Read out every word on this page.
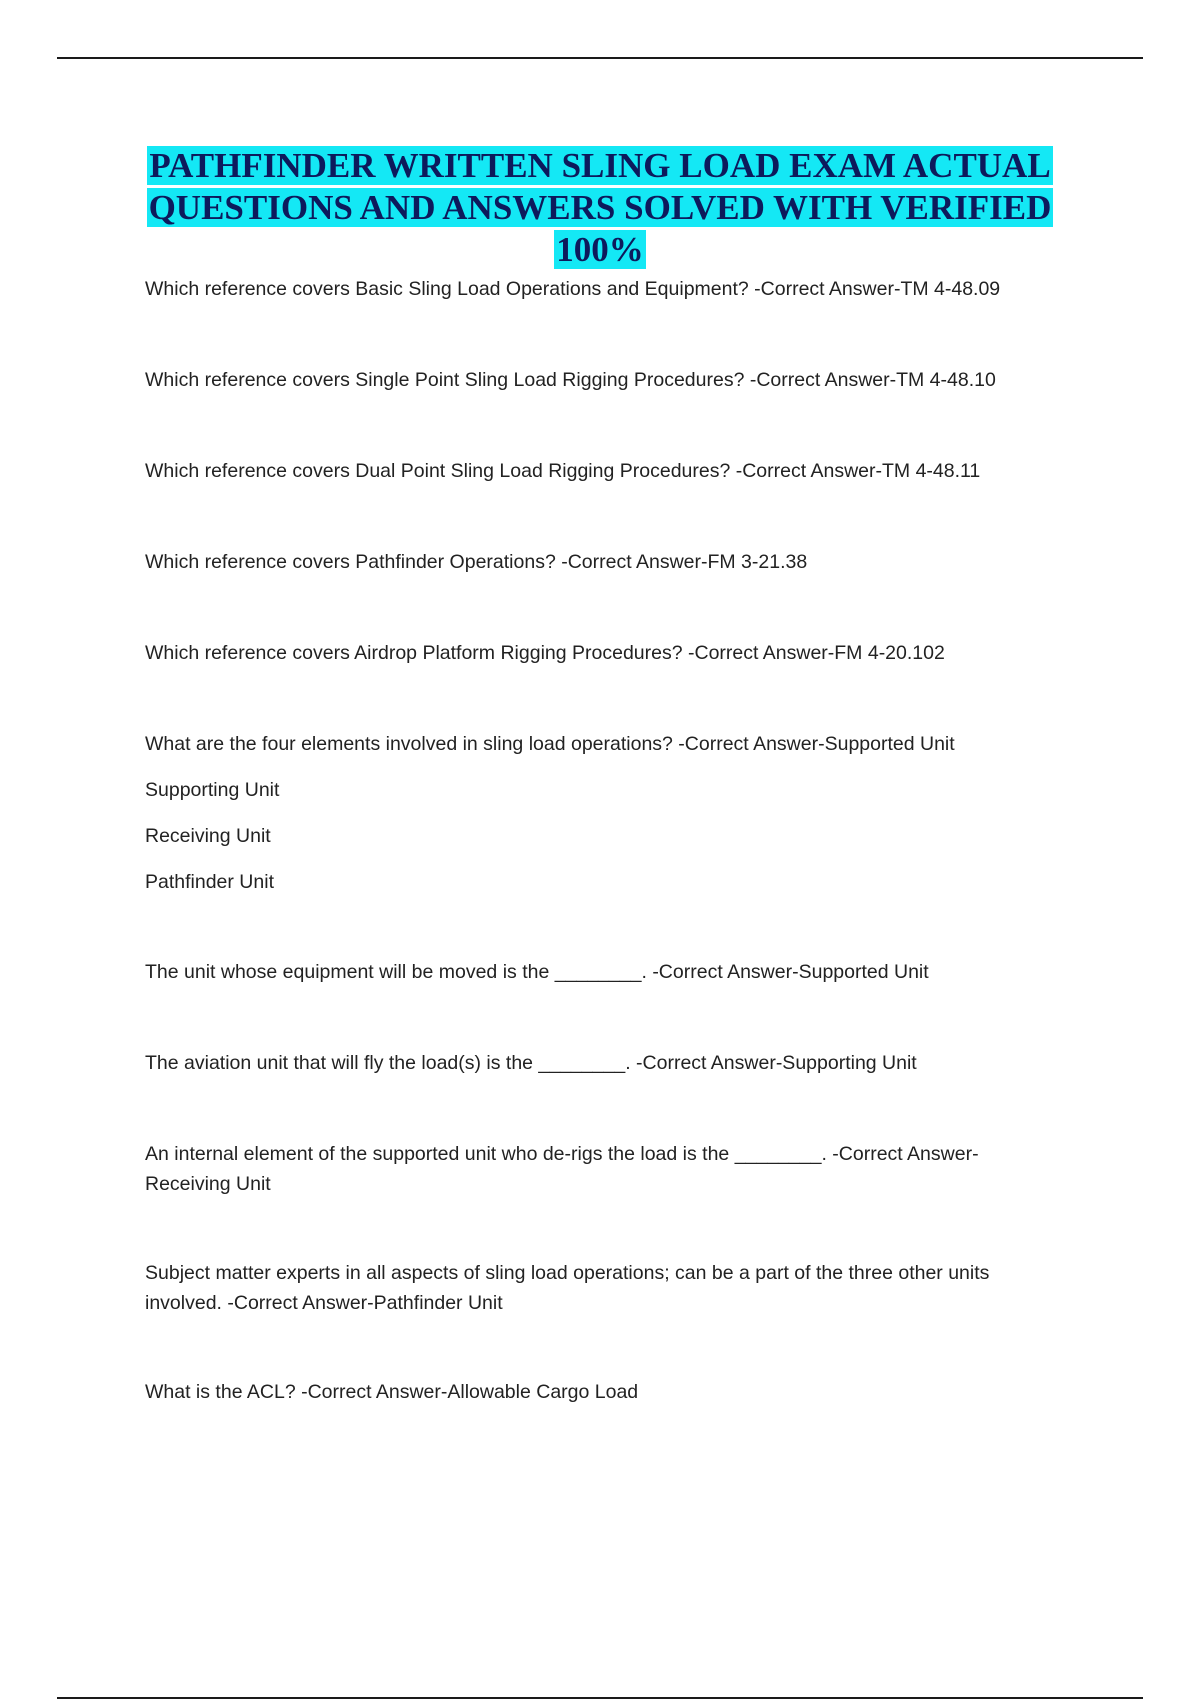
PATHFINDER WRITTEN SLING LOAD EXAM ACTUAL QUESTIONS AND ANSWERS SOLVED WITH VERIFIED 100%
Which reference covers Basic Sling Load Operations and Equipment? -Correct Answer-TM 4-48.09
Which reference covers Single Point Sling Load Rigging Procedures? -Correct Answer-TM 4-48.10
Which reference covers Dual Point Sling Load Rigging Procedures? -Correct Answer-TM 4-48.11
Which reference covers Pathfinder Operations? -Correct Answer-FM 3-21.38
Which reference covers Airdrop Platform Rigging Procedures? -Correct Answer-FM 4-20.102
What are the four elements involved in sling load operations? -Correct Answer-Supported Unit
Supporting Unit
Receiving Unit
Pathfinder Unit
The unit whose equipment will be moved is the ________. -Correct Answer-Supported Unit
The aviation unit that will fly the load(s) is the ________. -Correct Answer-Supporting Unit
An internal element of the supported unit who de-rigs the load is the ________. -Correct Answer-Receiving Unit
Subject matter experts in all aspects of sling load operations; can be a part of the three other units involved. -Correct Answer-Pathfinder Unit
What is the ACL? -Correct Answer-Allowable Cargo Load
